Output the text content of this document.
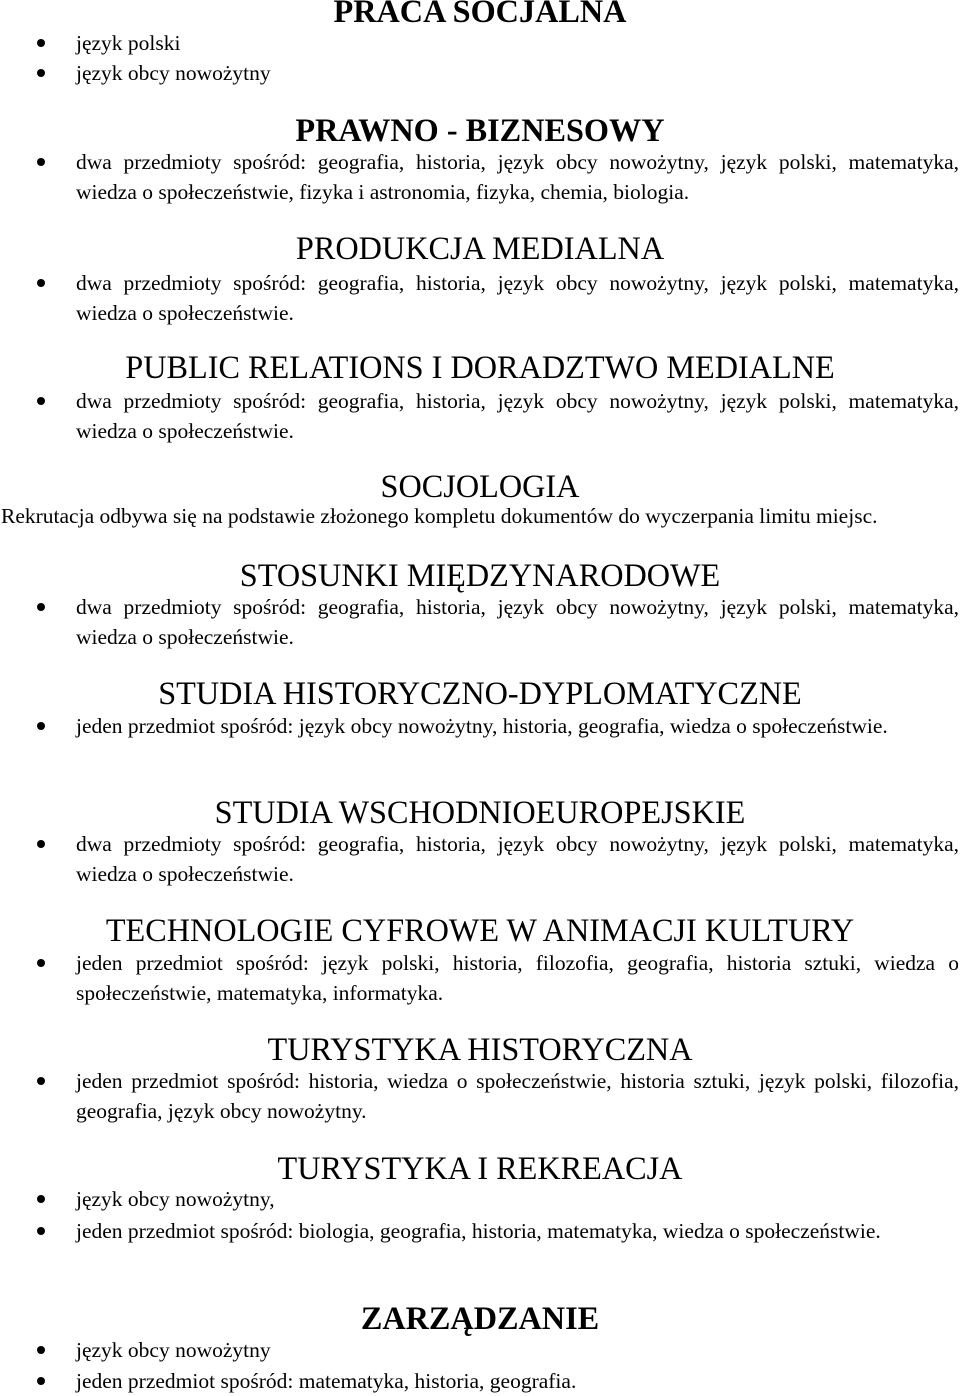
PRACA SOCJALNA

język polski

język obcy nowożytny

PRAWNO - BIZNESOWY

dwa przedmioty spośród: geografia, historia, język obcy nowożytny, język polski, matematyka, wiedza o społeczeństwie, fizyka i astronomia, fizyka, chemia, biologia.

PRODUKCJA MEDIALNA

dwa przedmioty spośród: geografia, historia, język obcy nowożytny, język polski, matematyka, wiedza o społeczeństwie.

PUBLIC RELATIONS I DORADZTWO MEDIALNE

dwa przedmioty spośród: geografia, historia, język obcy nowożytny, język polski, matematyka, wiedza o społeczeństwie.

SOCJOLOGIA

Rekrutacja odbywa się na podstawie złożonego kompletu dokumentów do wyczerpania limitu miejsc.

STOSUNKI MIĘDZYNARODOWE

dwa przedmioty spośród: geografia, historia, język obcy nowożytny, język polski, matematyka, wiedza o społeczeństwie.

STUDIA HISTORYCZNO-DYPLOMATYCZNE

jeden przedmiot spośród: język obcy nowożytny, historia, geografia, wiedza o społeczeństwie.

STUDIA WSCHODNIOEUROPEJSKIE

dwa przedmioty spośród: geografia, historia, język obcy nowożytny, język polski, matematyka, wiedza o społeczeństwie.

TECHNOLOGIE CYFROWE W ANIMACJI KULTURY

jeden przedmiot spośród: język polski, historia, filozofia, geografia, historia sztuki, wiedza o społeczeństwie, matematyka, informatyka.

TURYSTYKA HISTORYCZNA

jeden przedmiot spośród: historia, wiedza o społeczeństwie, historia sztuki, język polski, filozofia, geografia, język obcy nowożytny.

TURYSTYKA I REKREACJA

język obcy nowożytny,

jeden przedmiot spośród: biologia, geografia, historia, matematyka, wiedza o społeczeństwie.

ZARZĄDZANIE

język obcy nowożytny

jeden przedmiot spośród: matematyka, historia, geografia.
